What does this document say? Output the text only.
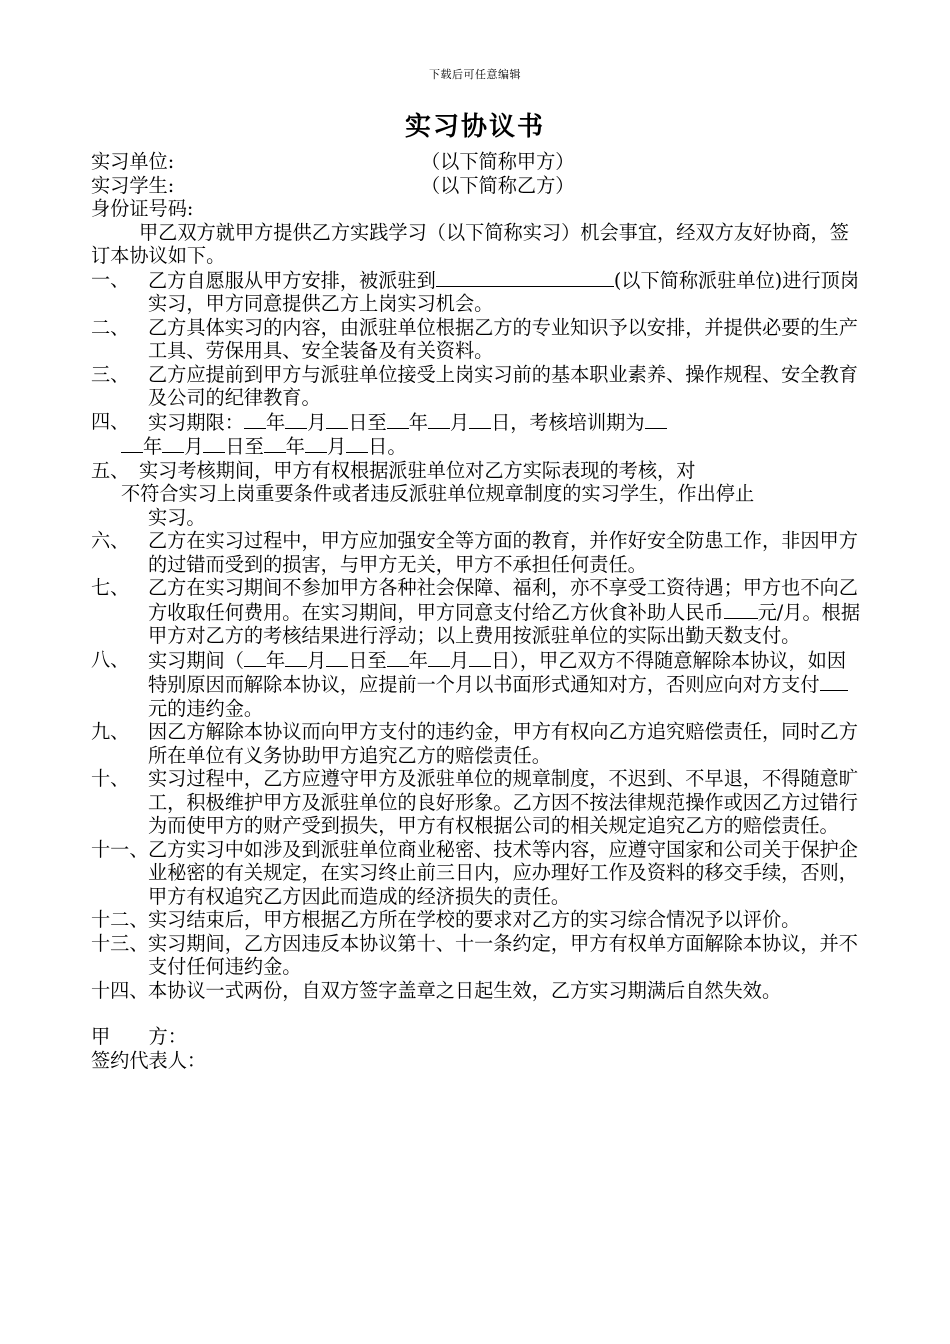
下载后可任意编辑
实习协议书
实习单位:	（以下简称甲方）
实习学生:	（以下简称乙方）
身份证号码:
甲乙双方就甲方提供乙方实践学习（以下简称实习）机会事宜，经双方友好协商，签订本协议如下。
一、 乙方自愿服从甲方安排，被派驻到	(以下简称派驻单位)进行顶岗实习，甲方同意提供乙方上岗实习机会。
二、 乙方具体实习的内容，由派驻单位根据乙方的专业知识予以安排，并提供必要的生产工具、劳保用具、安全装备及有关资料。
三、 乙方应提前到甲方与派驻单位接受上岗实习前的基本职业素养、操作规程、安全教育及公司的纪律教育。
四、 实习期限： 年 月 日至 年 月 日，考核培训期为
年 月 日至 年 月 日。
五、 实习考核期间，甲方有权根据派驻单位对乙方实际表现的考核，对
不符合实习上岗重要条件或者违反派驻单位规章制度的实习学生，作出停止
实习。
六、 乙方在实习过程中，甲方应加强安全等方面的教育，并作好安全防患工作，非因甲方的过错而受到的损害，与甲方无关，甲方不承担任何责任。
七、 乙方在实习期间不参加甲方各种社会保障、福利，亦不享受工资待遇；甲方也不向乙方收取任何费用。在实习期间，甲方同意支付给乙方伙食补助人民币 元/月。根据甲方对乙方的考核结果进行浮动；以上费用按派驻单位的实际出勤天数支付。
八、 实习期间（ 年 月 日至 年 月 日），甲乙双方不得随意解除本协议，如因特别原因而解除本协议，应提前一个月以书面形式通知对方，否则应向对方支付元的违约金。
九、 因乙方解除本协议而向甲方支付的违约金，甲方有权向乙方追究赔偿责任，同时乙方所在单位有义务协助甲方追究乙方的赔偿责任。
十、 实习过程中，乙方应遵守甲方及派驻单位的规章制度，不迟到、不早退，不得随意旷工，积极维护甲方及派驻单位的良好形象。乙方因不按法律规范操作或因乙方过错行为而使甲方的财产受到损失，甲方有权根据公司的相关规定追究乙方的赔偿责任。
十一、 乙方实习中如涉及到派驻单位商业秘密、技术等内容，应遵守国家和公司关于保护企业秘密的有关规定，在实习终止前三日内，应办理好工作及资料的移交手续，否则，甲方有权追究乙方因此而造成的经济损失的责任。
十二、 实习结束后，甲方根据乙方所在学校的要求对乙方的实习综合情况予以评价。
十三、 实习期间，乙方因违反本协议第十、十一条约定，甲方有权单方面解除本协议，并不支付任何违约金。
十四、 本协议一式两份，自双方签字盖章之日起生效，乙方实习期满后自然失效。
甲　　方：
签约代表人：
